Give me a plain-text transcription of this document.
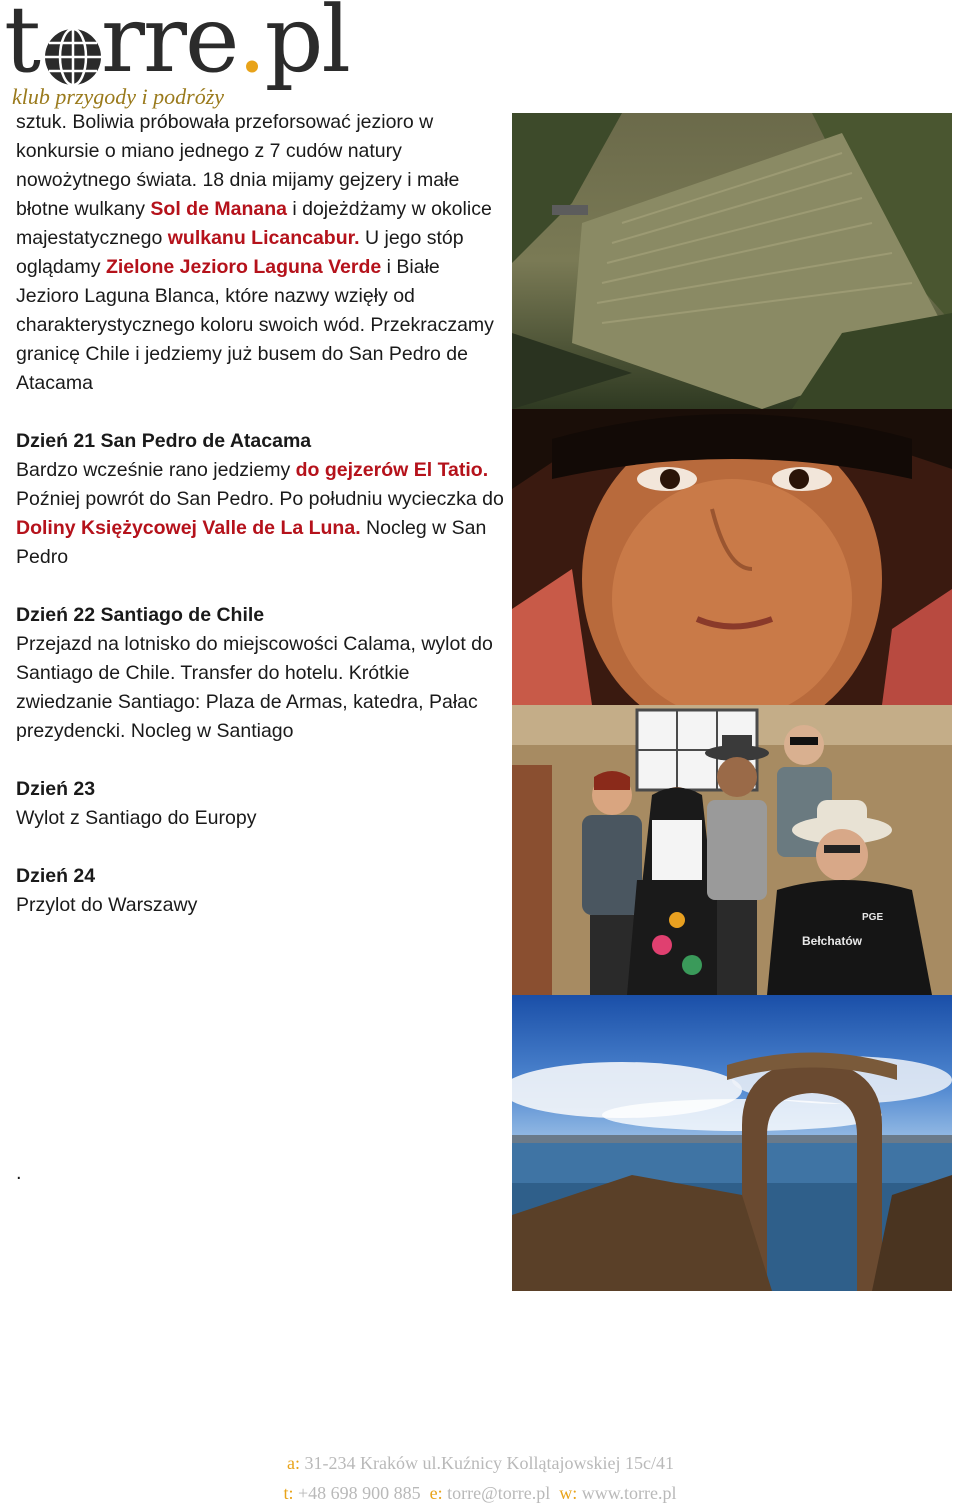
t rre.pl
klub przygody i podróży

sztuk. Boliwia próbowała przeforsować jezioro w konkursie o miano jednego z 7 cudów natury nowożytnego świata. 18 dnia mijamy gejzery i małe błotne wulkany Sol de Manana i dojeżdżamy w okolice majestatycznego wulkanu Licancabur. U jego stóp oglądamy Zielone Jezioro Laguna Verde i Białe Jezioro Laguna Blanca, które nazwy wzięły od charakterystycznego koloru swoich wód. Przekraczamy granicę Chile i jedziemy już busem do San Pedro de Atacama

Dzień 21 San Pedro de Atacama
Bardzo wcześnie rano jedziemy do gejzerów El Tatio. Poźniej powrót do San Pedro. Po południu wycieczka do Doliny Księżycowej Valle de La Luna. Nocleg w San Pedro

Dzień 22 Santiago de Chile
Przejazd na lotnisko do miejscowości Calama, wylot do Santiago de Chile. Transfer do hotelu. Krótkie zwiedzanie Santiago: Plaza de Armas, katedra, Pałac prezydencki. Nocleg w Santiago

Dzień 23
Wylot z Santiago do Europy

Dzień 24
Przylot do Warszawy

.
Bełchatów
PGE
a: 31-234 Kraków ul.Kuźnicy Kollątajowskiej 15c/41
t: +48 698 900 885 e: torre@torre.pl w: www.torre.pl
